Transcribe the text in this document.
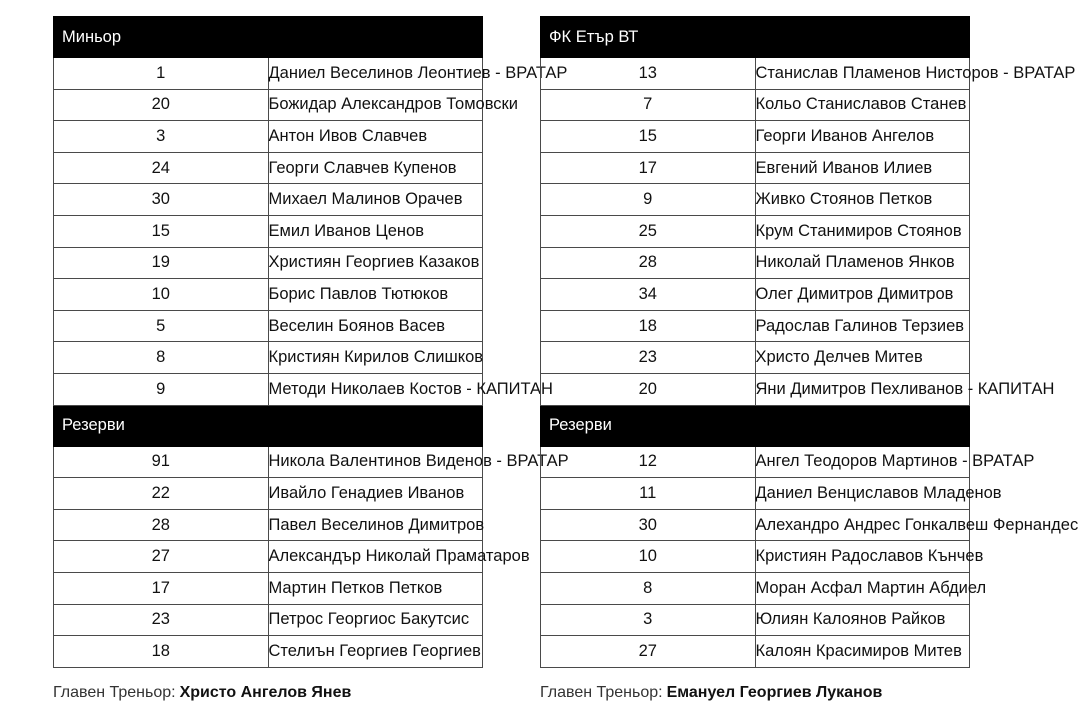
Миньор	
1	Даниел Веселинов Леонтиев - ВРАТАР
20	Божидар Александров Томовски
3	Антон Ивов Славчев
24	Георги Славчев Купенов
30	Михаел Малинов Орачев
15	Емил Иванов Ценов
19	Християн Георгиев Казаков
10	Борис Павлов Тютюков
5	Веселин Боянов Васев
8	Кристиян Кирилов Слишков
9	Методи Николаев Костов - КАПИТАН
Резерви	
91	Никола Валентинов Виденов - ВРАТАР
22	Ивайло Генадиев Иванов
28	Павел Веселинов Димитров
27	Александър Николай Праматаров
17	Мартин Петков Петков
23	Петрос Георгиос Бакутсис
18	Стелиън Георгиев Георгиев
Главен Треньор: Христо Ангелов Янев
ФК Етър ВТ	
13	Станислав Пламенов Нисторов - ВРАТАР
7	Кольо Станиславов Станев
15	Георги Иванов Ангелов
17	Евгений Иванов Илиев
9	Живко Стоянов Петков
25	Крум Станимиров Стоянов
28	Николай Пламенов Янков
34	Олег Димитров Димитров
18	Радослав Галинов Терзиев
23	Христо Делчев Митев
20	Яни Димитров Пехливанов - КАПИТАН
Резерви	
12	Ангел Теодоров Мартинов - ВРАТАР
11	Даниел Венциславов Младенов
30	Алехандро Андрес Гонкалвеш Фернандес
10	Кристиян Радославов Кънчев
8	Моран Асфал Мартин Абдиел
3	Юлиян Калоянов Райков
27	Калоян Красимиров Митев
Главен Треньор: Емануел Георгиев Луканов
